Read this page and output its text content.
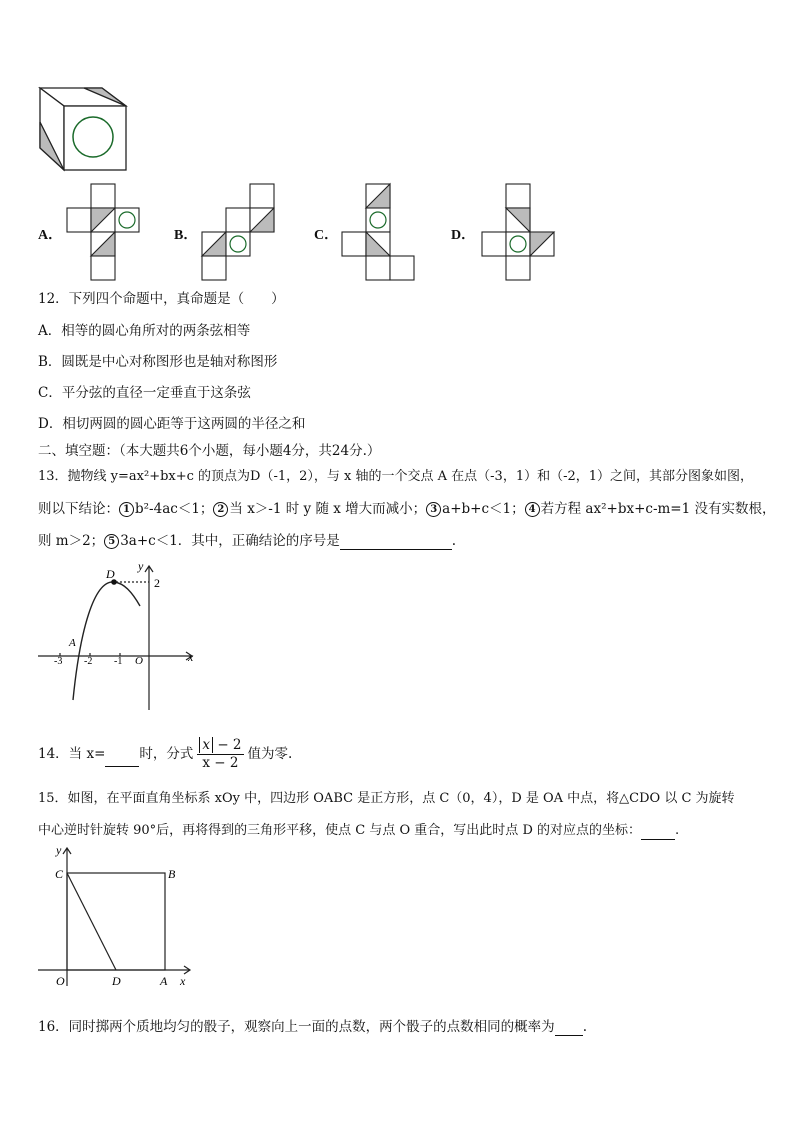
A．	B．	C．	D．
12．下列四个命题中，真命题是（　　）
A．相等的圆心角所对的两条弦相等
B．圆既是中心对称图形也是轴对称图形
C．平分弦的直径一定垂直于这条弦
D．相切两圆的圆心距等于这两圆的半径之和
二、填空题：（本大题共6个小题，每小题4分，共24分.）
13．抛物线 y=ax²+bx+c 的顶点为D（-1，2），与 x 轴的一个交点 A 在点（-3，1）和（-2，1）之间，其部分图象如图，
则以下结论： 1 b²-4ac＜1； 2 当 x＞-1 时 y 随 x 增大而减小； 3 a+b+c＜1； 4 若方程 ax²+bx+c-m=1 没有实数根，
则 m＞2； 5 3a+c＜1．其中，正确结论的序号是	.
D
y
2
A
x
O
-3 -2 -1
14．当 x=	时，分式 $\frac{x - 2}{x - 2}$ 值为零.
15．如图，在平面直角坐标系 xOy 中，四边形 OABC 是正方形，点 C（0，4），D 是 OA 中点，将△CDO 以 C 为旋转
中心逆时针旋转 90°后，再将得到的三角形平移，使点 C 与点 O 重合，写出此时点 D 的对应点的坐标：	.
y
C	B
O	D	A x
16．同时掷两个质地均匀的骰子，观察向上一面的点数，两个骰子的点数相同的概率为 .
